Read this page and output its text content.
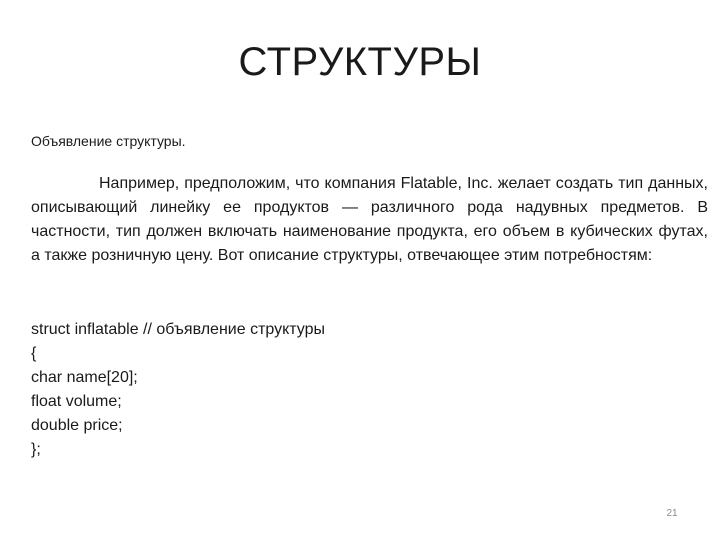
СТРУКТУРЫ

Объявление структуры.

Например, предположим, что компания Flatable, Inc. желает создать тип данных, описывающий линейку ее продуктов — различного рода надувных предметов. В частности, тип должен включать наименование продукта, его объем в кубических футах, а также розничную цену. Вот описание структуры, отвечающее этим потребностям:

struct inflatable // объявление структуры
{
char name[20];
float volume;
double price;
};
21
